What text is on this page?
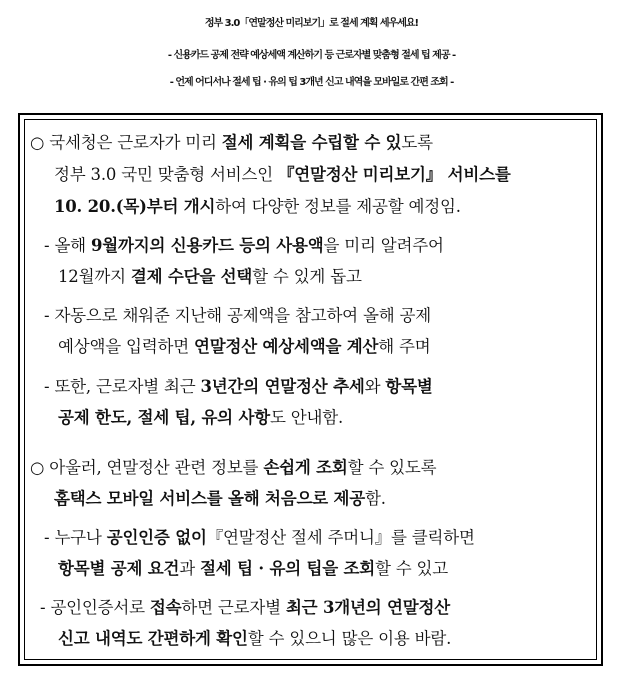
정부 3.0「연말정산 미리보기」로 절세 계획 세우세요!
- 신용카드 공제 전략 예상세액 계산하기 등 근로자별 맞춤형 절세 팁 제공 -
- 언제 어디서나 절세 팁 · 유의 팁 3개년 신고 내역을 모바일로 간편 조회 -
○ 국세청은 근로자가 미리 절세 계획을 수립할 수 있도록
정부 3.0 국민 맞춤형 서비스인 『연말정산 미리보기』 서비스를
10. 20.(목)부터 개시하여 다양한 정보를 제공할 예정임.
- 올해 9월까지의 신용카드 등의 사용액을 미리 알려주어
12월까지 결제 수단을 선택할 수 있게 돕고
- 자동으로 채워준 지난해 공제액을 참고하여 올해 공제
예상액을 입력하면 연말정산 예상세액을 계산해 주며
- 또한, 근로자별 최근 3년간의 연말정산 추세와 항목별
공제 한도, 절세 팁, 유의 사항도 안내함.
○ 아울러, 연말정산 관련 정보를 손쉽게 조회할 수 있도록
홈택스 모바일 서비스를 올해 처음으로 제공함.
- 누구나 공인인증 없이『연말정산 절세 주머니』를 클릭하면
항목별 공제 요건과 절세 팁 · 유의 팁을 조회할 수 있고
- 공인인증서로 접속하면 근로자별 최근 3개년의 연말정산
신고 내역도 간편하게 확인할 수 있으니 많은 이용 바람.
